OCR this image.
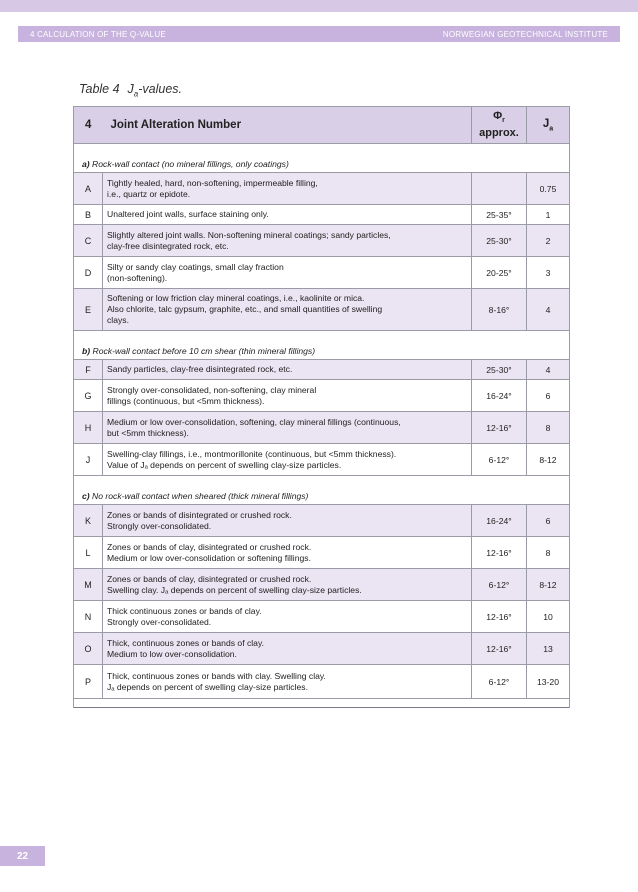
4 CALCULATION OF THE Q-VALUE	NORWEGIAN GEOTECHNICAL INSTITUTE
Table 4 $J_a$-values.
4	Joint Alteration Number	$\Phi_r$
approx.	$J_a$

a) Rock-wall contact (no mineral fillings, only coatings)			
A	Tightly healed, hard, non-softening, impermeable filling,
i.e., quartz or epidote.		0.75
B	Unaltered joint walls, surface staining only.	25-35°	1
C	Slightly altered joint walls. Non-softening mineral coatings; sandy particles,
clay-free disintegrated rock, etc.	25-30°	2
D	Silty or sandy clay coatings, small clay fraction
(non-softening).	20-25°	3
E	Softening or low friction clay mineral coatings, i.e., kaolinite or mica.
Also chlorite, talc gypsum, graphite, etc., and small quantities of swelling
clays.	8-16°	4

b) Rock-wall contact before 10 cm shear (thin mineral fillings)			
F	Sandy particles, clay-free disintegrated rock, etc.	25-30°	4
G	Strongly over-consolidated, non-softening, clay mineral
fillings (continuous, but <5mm thickness).	16-24°	6
H	Medium or low over-consolidation, softening, clay mineral fillings (continuous,
but <5mm thickness).	12-16°	8
J	Swelling-clay fillings, i.e., montmorillonite (continuous, but <5mm thickness).
Value of Jₐ depends on percent of swelling clay-size particles.	6-12°	8-12

c) No rock-wall contact when sheared (thick mineral fillings)			
K	Zones or bands of disintegrated or crushed rock.
Strongly over-consolidated.	16-24°	6
L	Zones or bands of clay, disintegrated or crushed rock.
Medium or low over-consolidation or softening fillings.	12-16°	8
M	Zones or bands of clay, disintegrated or crushed rock.
Swelling clay. Jₐ depends on percent of swelling clay-size particles.	6-12°	8-12
N	Thick continuous zones or bands of clay.
Strongly over-consolidated.	12-16°	10
O	Thick, continuous zones or bands of clay.
Medium to low over-consolidation.	12-16°	13
P	Thick, continuous zones or bands with clay. Swelling clay.
Jₐ depends on percent of swelling clay-size particles.	6-12°	13-20

22
